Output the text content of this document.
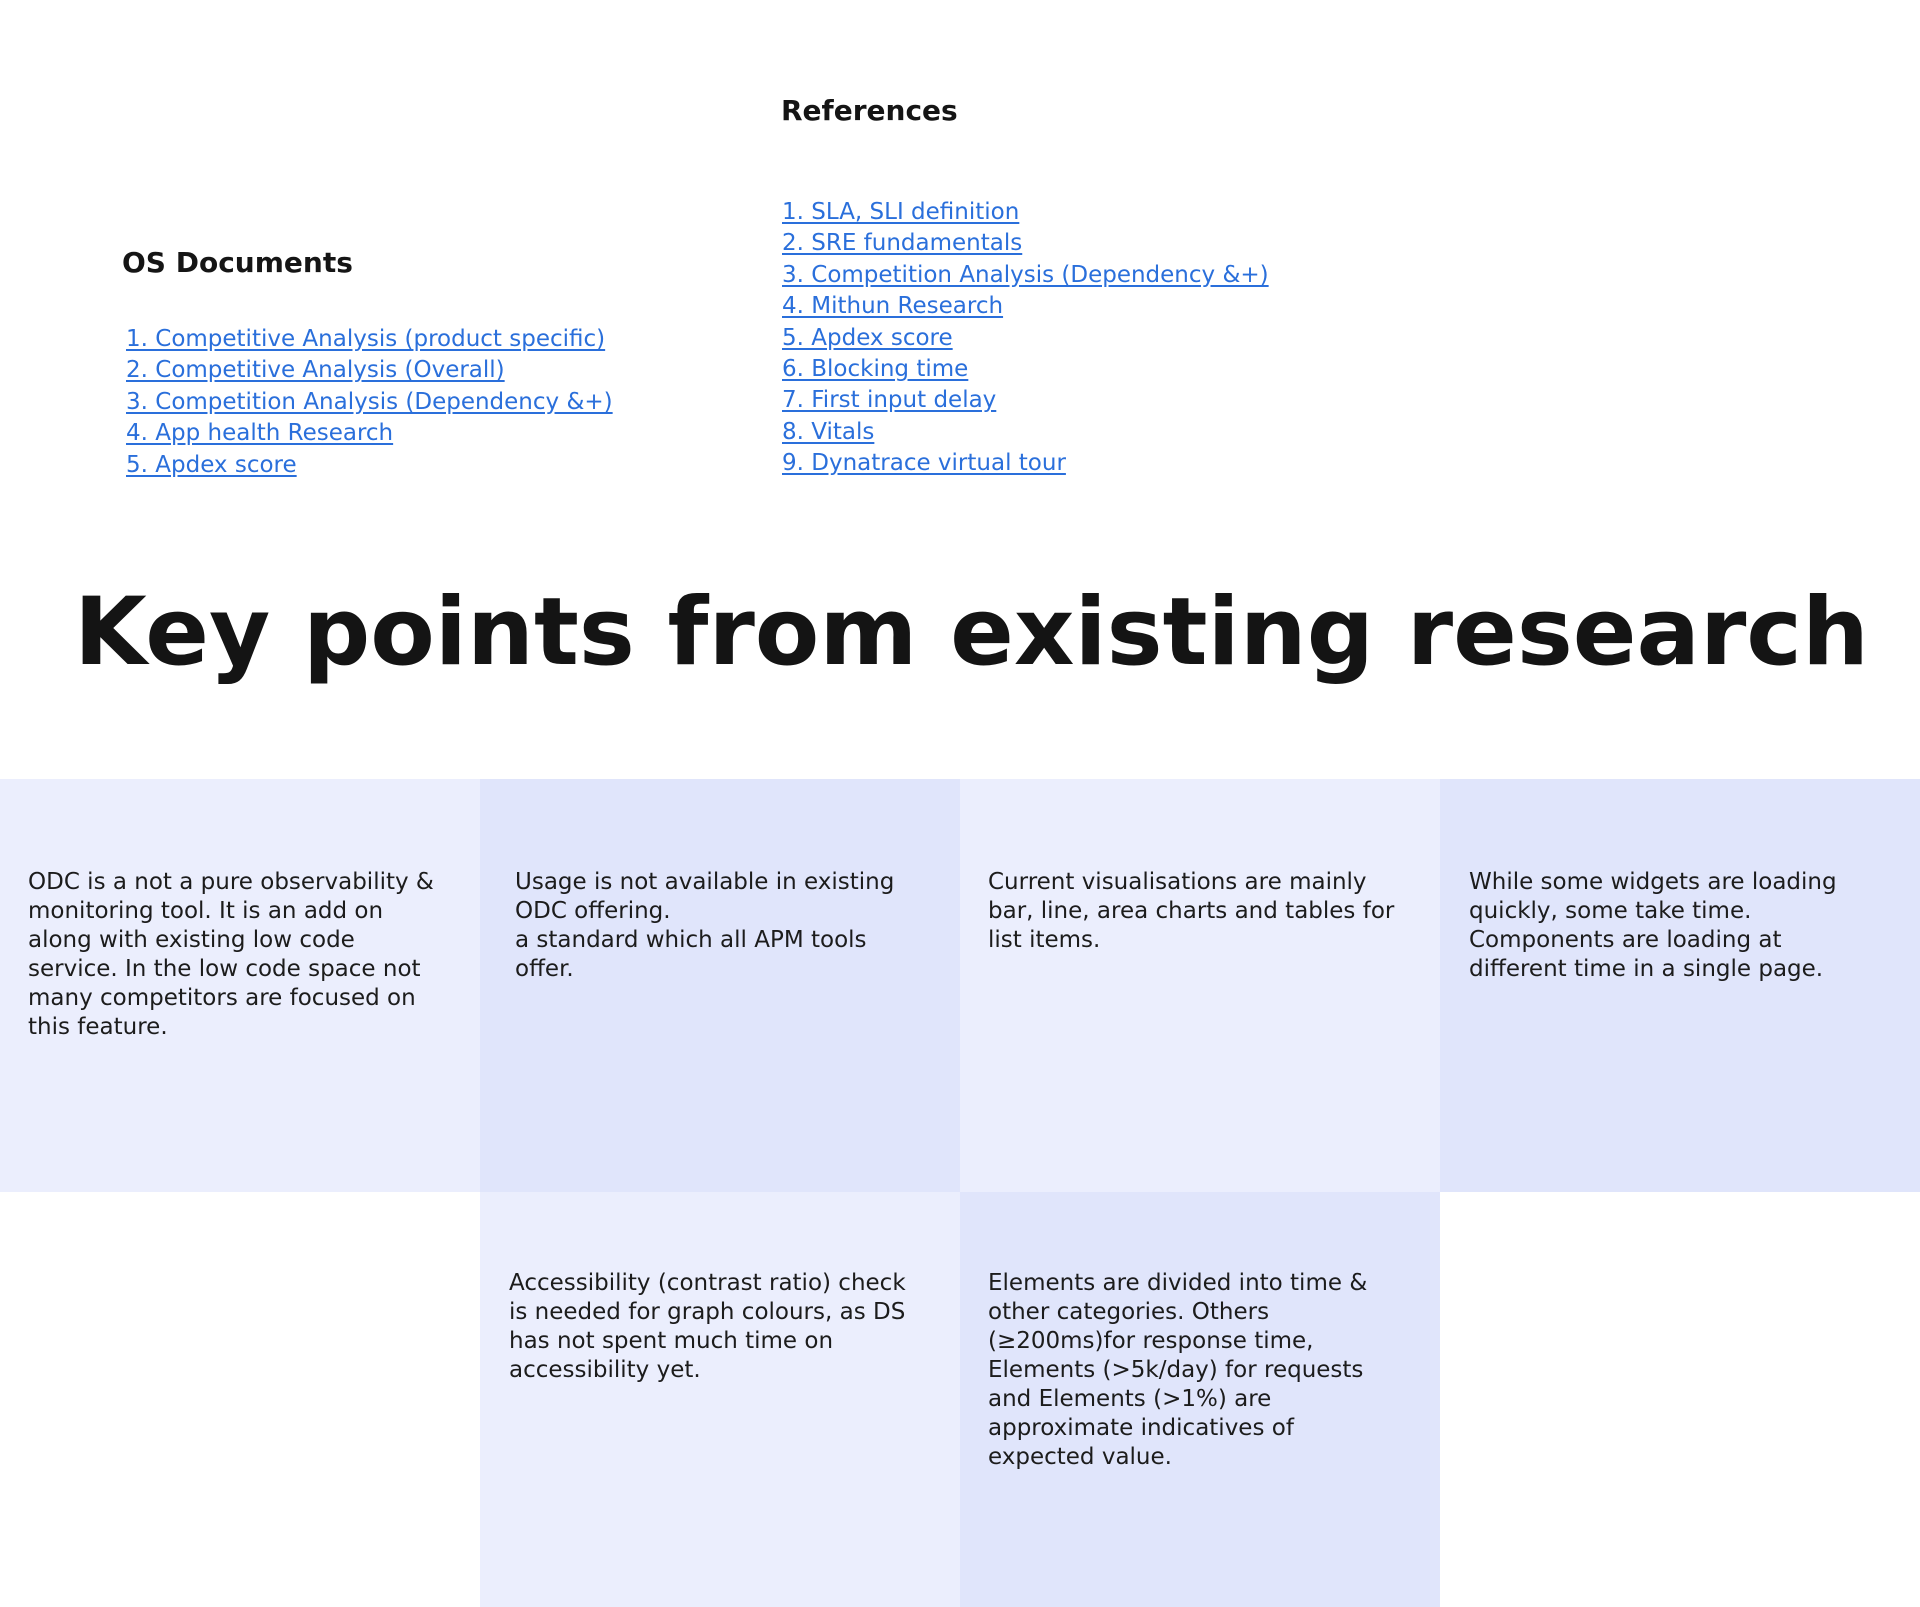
OS Documents
1. Competitive Analysis (product specific)
2. Competitive Analysis (Overall)
3. Competition Analysis (Dependency &+)
4. App health Research
5. Apdex score
References
1. SLA, SLI definition
2. SRE fundamentals
3. Competition Analysis (Dependency &+)
4. Mithun Research
5. Apdex score
6. Blocking time
7. First input delay
8. Vitals
9. Dynatrace virtual tour
Key points from existing research

ODC is a not a pure observability &
monitoring tool. It is an add on
along with existing low code
service. In the low code space not
many competitors are focused on
this feature.

Usage is not available in existing
ODC offering.
a standard which all APM tools
offer.

Current visualisations are mainly
bar, line, area charts and tables for
list items.

While some widgets are loading
quickly, some take time.
Components are loading at
different time in a single page.

Accessibility (contrast ratio) check
is needed for graph colours, as DS
has not spent much time on
accessibility yet.

Elements are divided into time &
other categories. Others
(≥200ms)for response time,
Elements (>5k/day) for requests
and Elements (>1%) are
approximate indicatives of
expected value.
